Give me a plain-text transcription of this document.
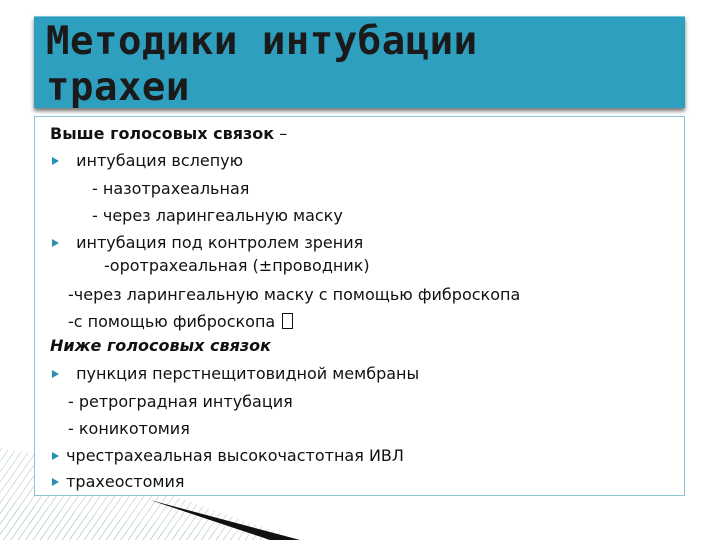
Методики интубации
трахеи
Выше голосовых связок –
интубация вслепую
- назотрахеальная
- через ларингеальную маску
интубация под контролем зрения
-оротрахеальная (±проводник)
-через ларингеальную маску с помощью фиброскопа
-с помощью фиброскопа
Ниже голосовых связок
пункция перстнещитовидной мембраны
- ретроградная интубация
- коникотомия
чрестрахеальная высокочастотная ИВЛ
трахеостомия
